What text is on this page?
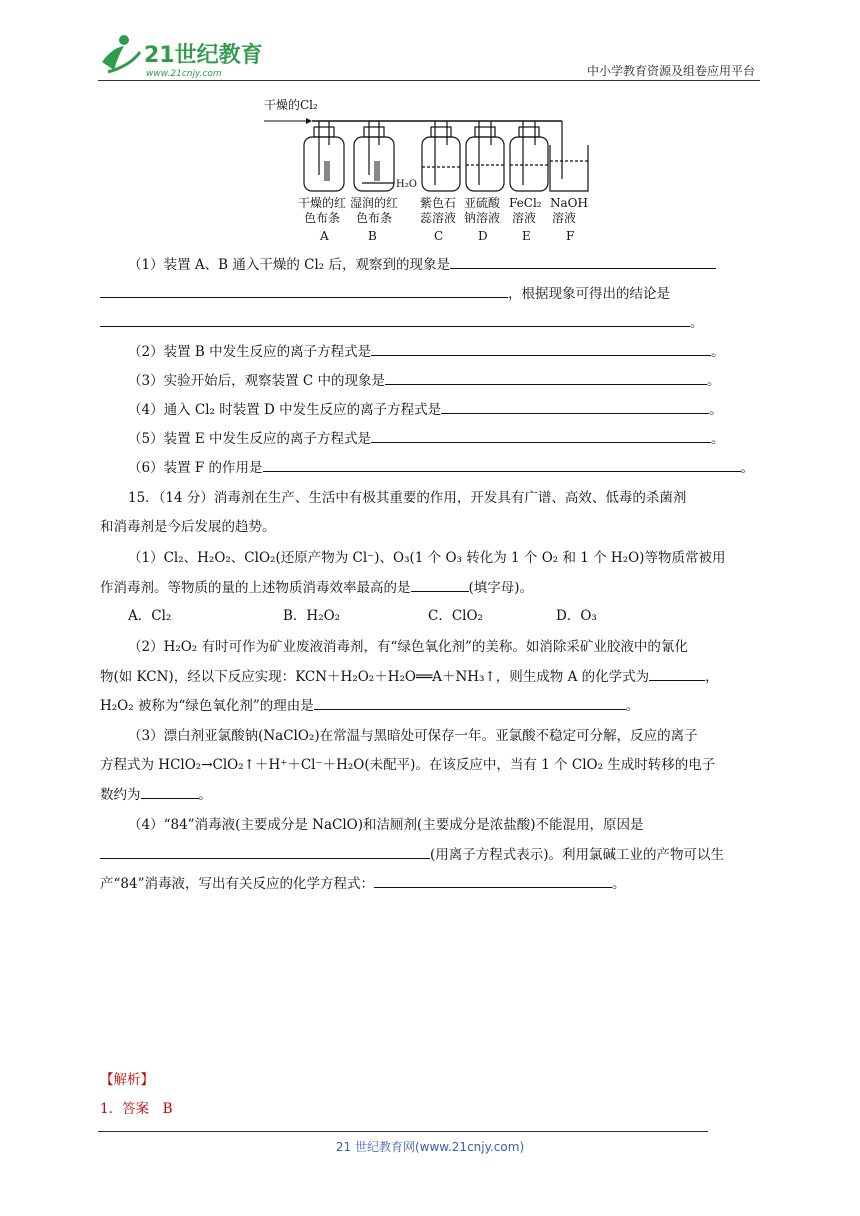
21世纪教育
www.21cnjy.com	中小学教育资源及组卷应用平台
干燥的Cl₂
H₂O
干燥的红
色布条
A
湿润的红
色布条
B
紫色石
蕊溶液
C
亚硫酸
钠溶液
D
FeCl₂
溶液
E
NaOH
溶液
F
（1）装置 A、B 通入干燥的 Cl₂ 后，观察到的现象是
，根据现象可得出的结论是
。
（2）装置 B 中发生反应的离子方程式是	。
（3）实验开始后，观察装置 C 中的现象是	。
（4）通入 Cl₂ 时装置 D 中发生反应的离子方程式是	。
（5）装置 E 中发生反应的离子方程式是	。
（6）装置 F 的作用是	。
15．（14 分）消毒剂在生产、生活中有极其重要的作用，开发具有广谱、高效、低毒的杀菌剂
和消毒剂是今后发展的趋势。
（1）Cl₂、H₂O₂、ClO₂(还原产物为 Cl⁻)、O₃(1 个 O₃ 转化为 1 个 O₂ 和 1 个 H₂O)等物质常被用
作消毒剂。等物质的量的上述物质消毒效率最高的是	(填字母)。
A．Cl₂	B．H₂O₂	C．ClO₂	D．O₃
（2）H₂O₂ 有时可作为矿业废液消毒剂，有“绿色氧化剂”的美称。如消除采矿业胶液中的氰化
物(如 KCN)，经以下反应实现：KCN＋H₂O₂＋H₂O══A＋NH₃↑，则生成物 A 的化学式为	，
H₂O₂ 被称为“绿色氧化剂”的理由是	。
（3）漂白剂亚氯酸钠(NaClO₂)在常温与黑暗处可保存一年。亚氯酸不稳定可分解，反应的离子
方程式为 HClO₂→ClO₂↑＋H⁺＋Cl⁻＋H₂O(未配平)。在该反应中，当有 1 个 ClO₂ 生成时转移的电子
数约为	。
（4）“84”消毒液(主要成分是 NaClO)和洁厕剂(主要成分是浓盐酸)不能混用，原因是
(用离子方程式表示)。利用氯碱工业的产物可以生
产“84”消毒液，写出有关反应的化学方程式：	。
【解析】
1．答案　B
21 世纪教育网(www.21cnjy.com)
